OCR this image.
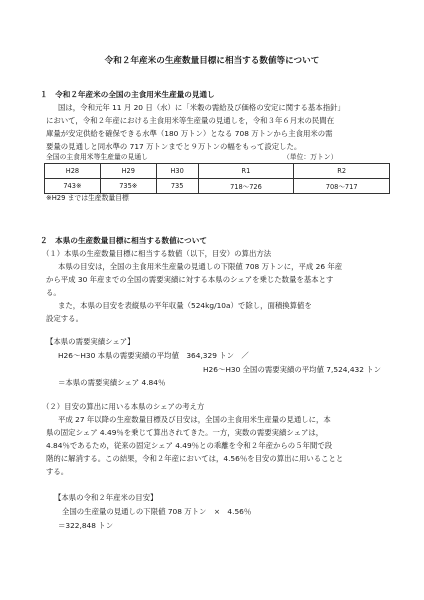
令和２年産米の生産数量目標に相当する数値等について
１　令和２年産米の全国の主食用米生産量の見通し
国は，令和元年 11 月 20 日（水）に「米穀の需給及び価格の安定に関する基本指針」
において，令和２年産における主食用米等生産量の見通しを，令和３年６月末の民間在
庫量が安定供給を確保できる水準（180 万トン）となる 708 万トンから主食用米の需
要量の見通しと同水準の 717 万トンまでと９万トンの幅をもって設定した。
全国の主食用米等生産量の見通し	（単位：万トン）
H28	H29	H30	R1	R2
743※	735※	735	718～726	708～717
※H29 までは生産数量目標
２　本県の生産数量目標に相当する数値について
（１）本県の生産数量目標に相当する数値（以下，目安）の算出方法
本県の目安は，全国の主食用米生産量の見通しの下限値 708 万トンに，平成 26 年産
から平成 30 年産までの全国の需要実績に対する本県のシェアを乗じた数量を基本とす
る。
また，本県の目安を表縦県の平年収量（524kg/10a）で除し，面積換算値を
設定する。
【本県の需要実績シェア】
H26～H30 本県の需要実績の平均値　364,329 トン　／
H26～H30 全国の需要実績の平均値 7,524,432 トン
＝本県の需要実績シェア 4.84％
（２）目安の算出に用いる本県のシェアの考え方
平成 27 年以降の生産数量目標及び目安は，全国の主食用米生産量の見通しに，本
県の固定シェア 4.49％を乗じて算出されてきた。一方，実数の需要実績シェアは，
4.84％であるため，従来の固定シェア 4.49％との乖離を令和２年産からの５年間で段
階的に解消する。この結果，令和２年産においては，4.56％を目安の算出に用いることと
する。
【本県の令和２年産米の目安】
全国の生産量の見通しの下限値 708 万トン　×　4.56％
＝322,848 トン
